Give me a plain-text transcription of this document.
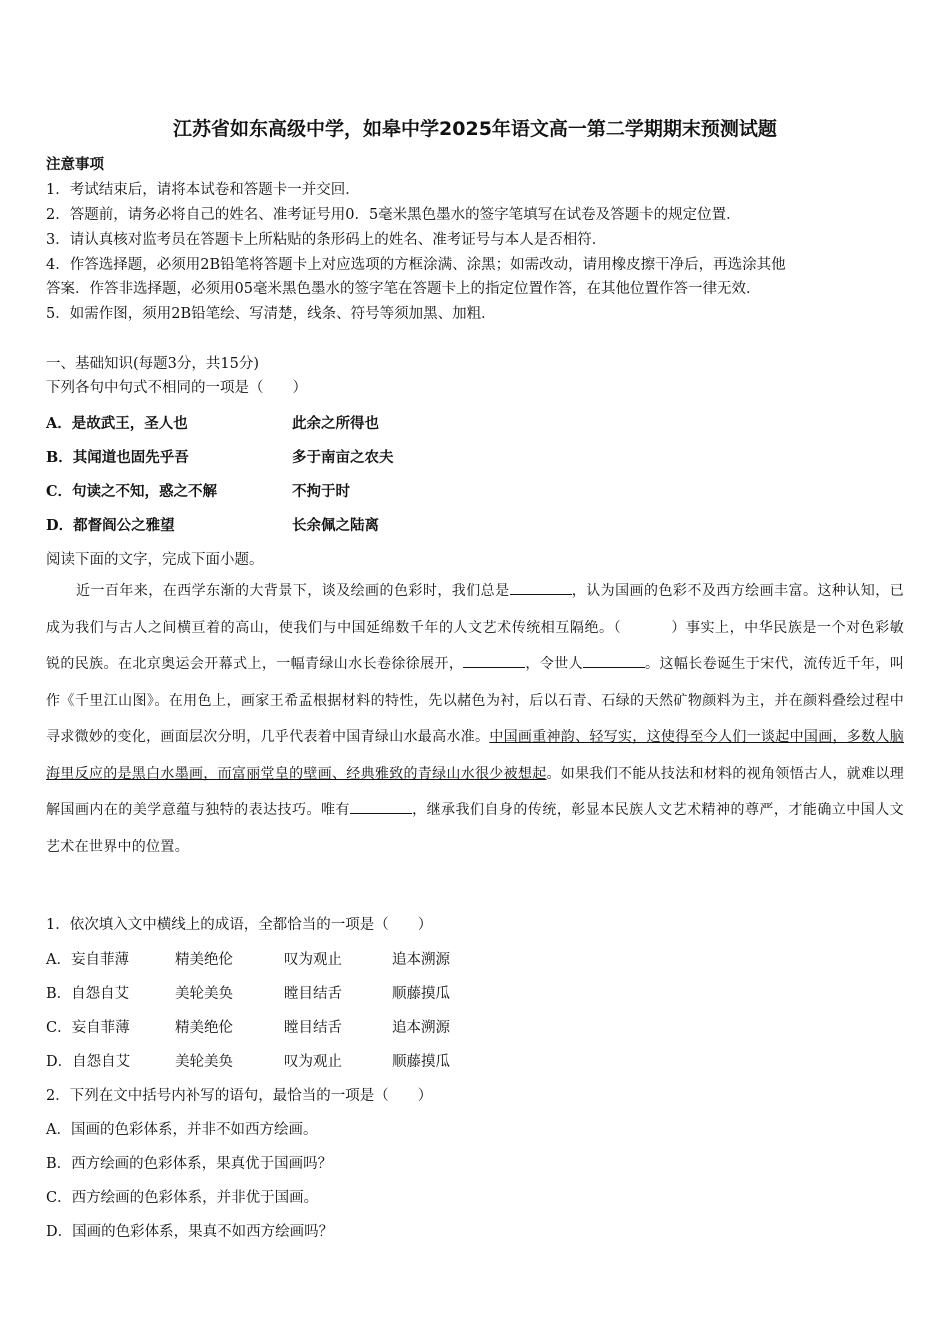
江苏省如东高级中学，如皋中学2025年语文高一第二学期期末预测试题
注意事项
1．考试结束后，请将本试卷和答题卡一并交回．
2．答题前，请务必将自己的姓名、准考证号用0．5毫米黑色墨水的签字笔填写在试卷及答题卡的规定位置．
3．请认真核对监考员在答题卡上所粘贴的条形码上的姓名、准考证号与本人是否相符．
4．作答选择题，必须用2B铅笔将答题卡上对应选项的方框涂满、涂黑；如需改动，请用橡皮擦干净后，再选涂其他
答案．作答非选择题，必须用05毫米黑色墨水的签字笔在答题卡上的指定位置作答，在其他位置作答一律无效．
5．如需作图，须用2B铅笔绘、写清楚，线条、符号等须加黑、加粗．
一、基础知识(每题3分，共15分)
下列各句中句式不相同的一项是（　　）
A．是故武王，圣人也	此余之所得也
B．其闻道也固先乎吾	多于南亩之农夫
C．句读之不知，惑之不解	不拘于时
D．都督阎公之雅望	长余佩之陆离
阅读下面的文字，完成下面小题。
近一百年来，在西学东渐的大背景下，谈及绘画的色彩时，我们总是	，认为国画的色彩不及西方绘画丰富。这种认知，已成为我们与古人之间横亘着的高山，使我们与中国延绵数千年的人文艺术传统相互隔绝。（	）事实上，中华民族是一个对色彩敏锐的民族。在北京奥运会开幕式上，一幅青绿山水长卷徐徐展开，	，令世人	。这幅长卷诞生于宋代，流传近千年，叫作《千里江山图》。在用色上，画家王希孟根据材料的特性，先以赭色为衬，后以石青、石绿的天然矿物颜料为主，并在颜料叠绘过程中寻求微妙的变化，画面层次分明，几乎代表着中国青绿山水最高水准。中国画重神韵、轻写实，这使得至今人们一谈起中国画，多数人脑海里反应的是黑白水墨画，而富丽堂皇的壁画、经典雅致的青绿山水很少被想起。如果我们不能从技法和材料的视角领悟古人，就难以理解国画内在的美学意蕴与独特的表达技巧。唯有	，继承我们自身的传统，彰显本民族人文艺术精神的尊严，才能确立中国人文艺术在世界中的位置。
1．依次填入文中横线上的成语，全都恰当的一项是（　　）
A．妄自菲薄	精美绝伦	叹为观止	追本溯源
B．自怨自艾	美轮美奂	瞠目结舌	顺藤摸瓜
C．妄自菲薄	精美绝伦	瞠目结舌	追本溯源
D．自怨自艾	美轮美奂	叹为观止	顺藤摸瓜
2．下列在文中括号内补写的语句，最恰当的一项是（　　）
A．国画的色彩体系，并非不如西方绘画。
B．西方绘画的色彩体系，果真优于国画吗？
C．西方绘画的色彩体系，并非优于国画。
D．国画的色彩体系，果真不如西方绘画吗？
